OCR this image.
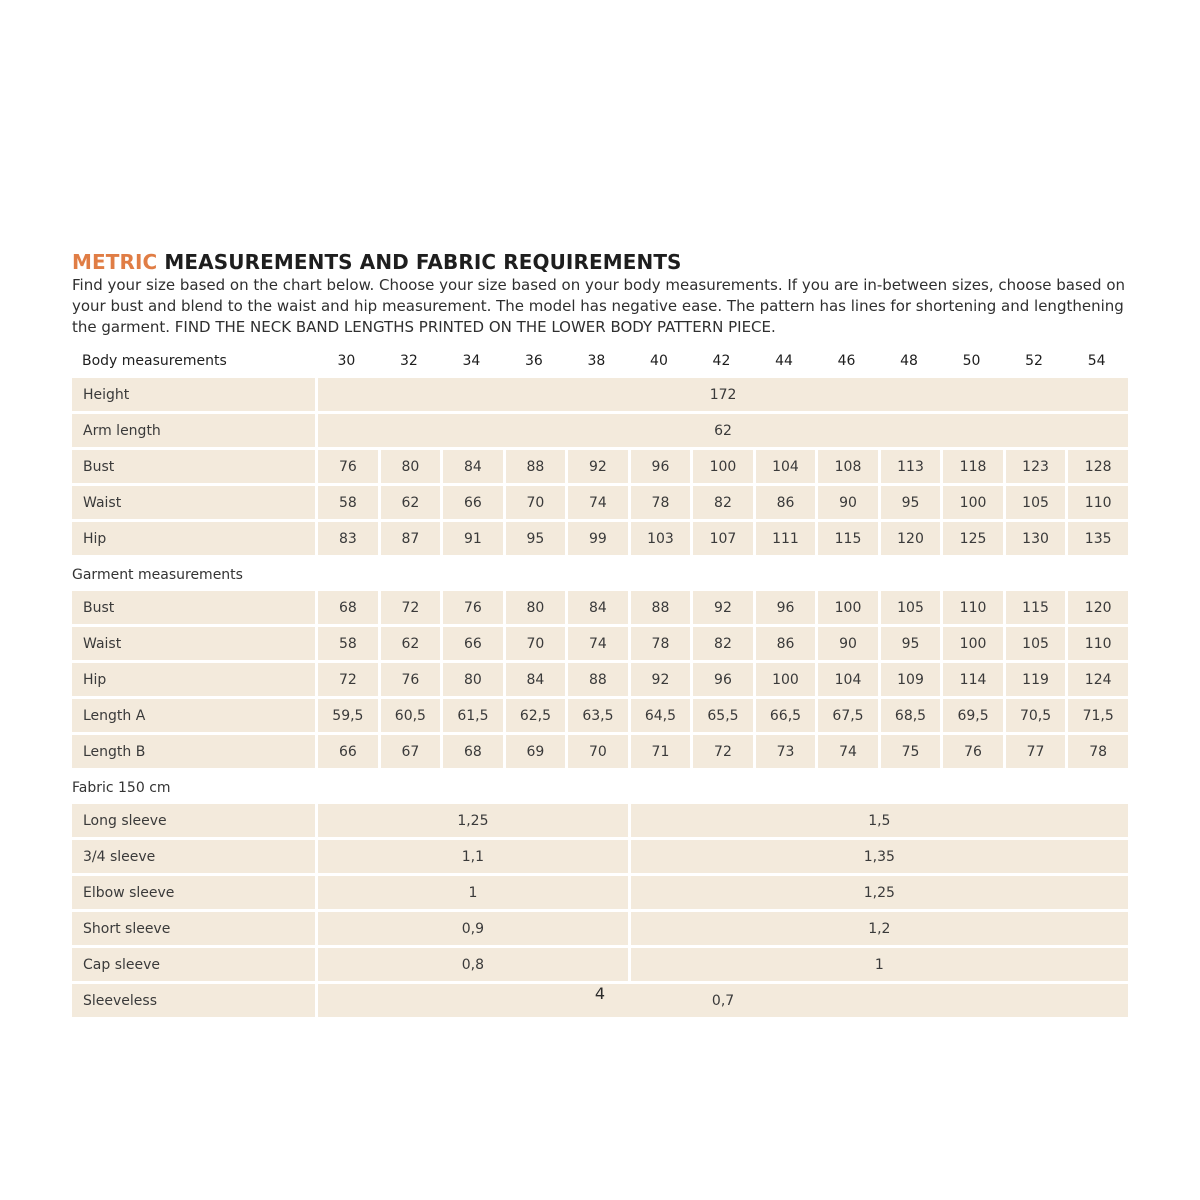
METRIC MEASUREMENTS AND FABRIC REQUIREMENTS

Find your size based on the chart below. Choose your size based on your body measurements. If you are in-between sizes, choose based on your bust and blend to the waist and hip measurement. The model has negative ease. The pattern has lines for shortening and lengthening the garment. FIND THE NECK BAND LENGTHS PRINTED ON THE LOWER BODY PATTERN PIECE.

Body measurements	30	32	34	36	38	40	42	44	46	48	50	52	54
Height	172												
Arm length	62												
Bust	76	80	84	88	92	96	100	104	108	113	118	123	128
Waist	58	62	66	70	74	78	82	86	90	95	100	105	110
Hip	83	87	91	95	99	103	107	111	115	120	125	130	135
Garment measurements													
Bust	68	72	76	80	84	88	92	96	100	105	110	115	120
Waist	58	62	66	70	74	78	82	86	90	95	100	105	110
Hip	72	76	80	84	88	92	96	100	104	109	114	119	124
Length A	59,5	60,5	61,5	62,5	63,5	64,5	65,5	66,5	67,5	68,5	69,5	70,5	71,5
Length B	66	67	68	69	70	71	72	73	74	75	76	77	78
Fabric 150 cm													
Long sleeve	1,25					1,5							
3/4 sleeve	1,1					1,35							
Elbow sleeve	1					1,25							
Short sleeve	0,9					1,2							
Cap sleeve	0,8					1							
Sleeveless	0,7												
4
